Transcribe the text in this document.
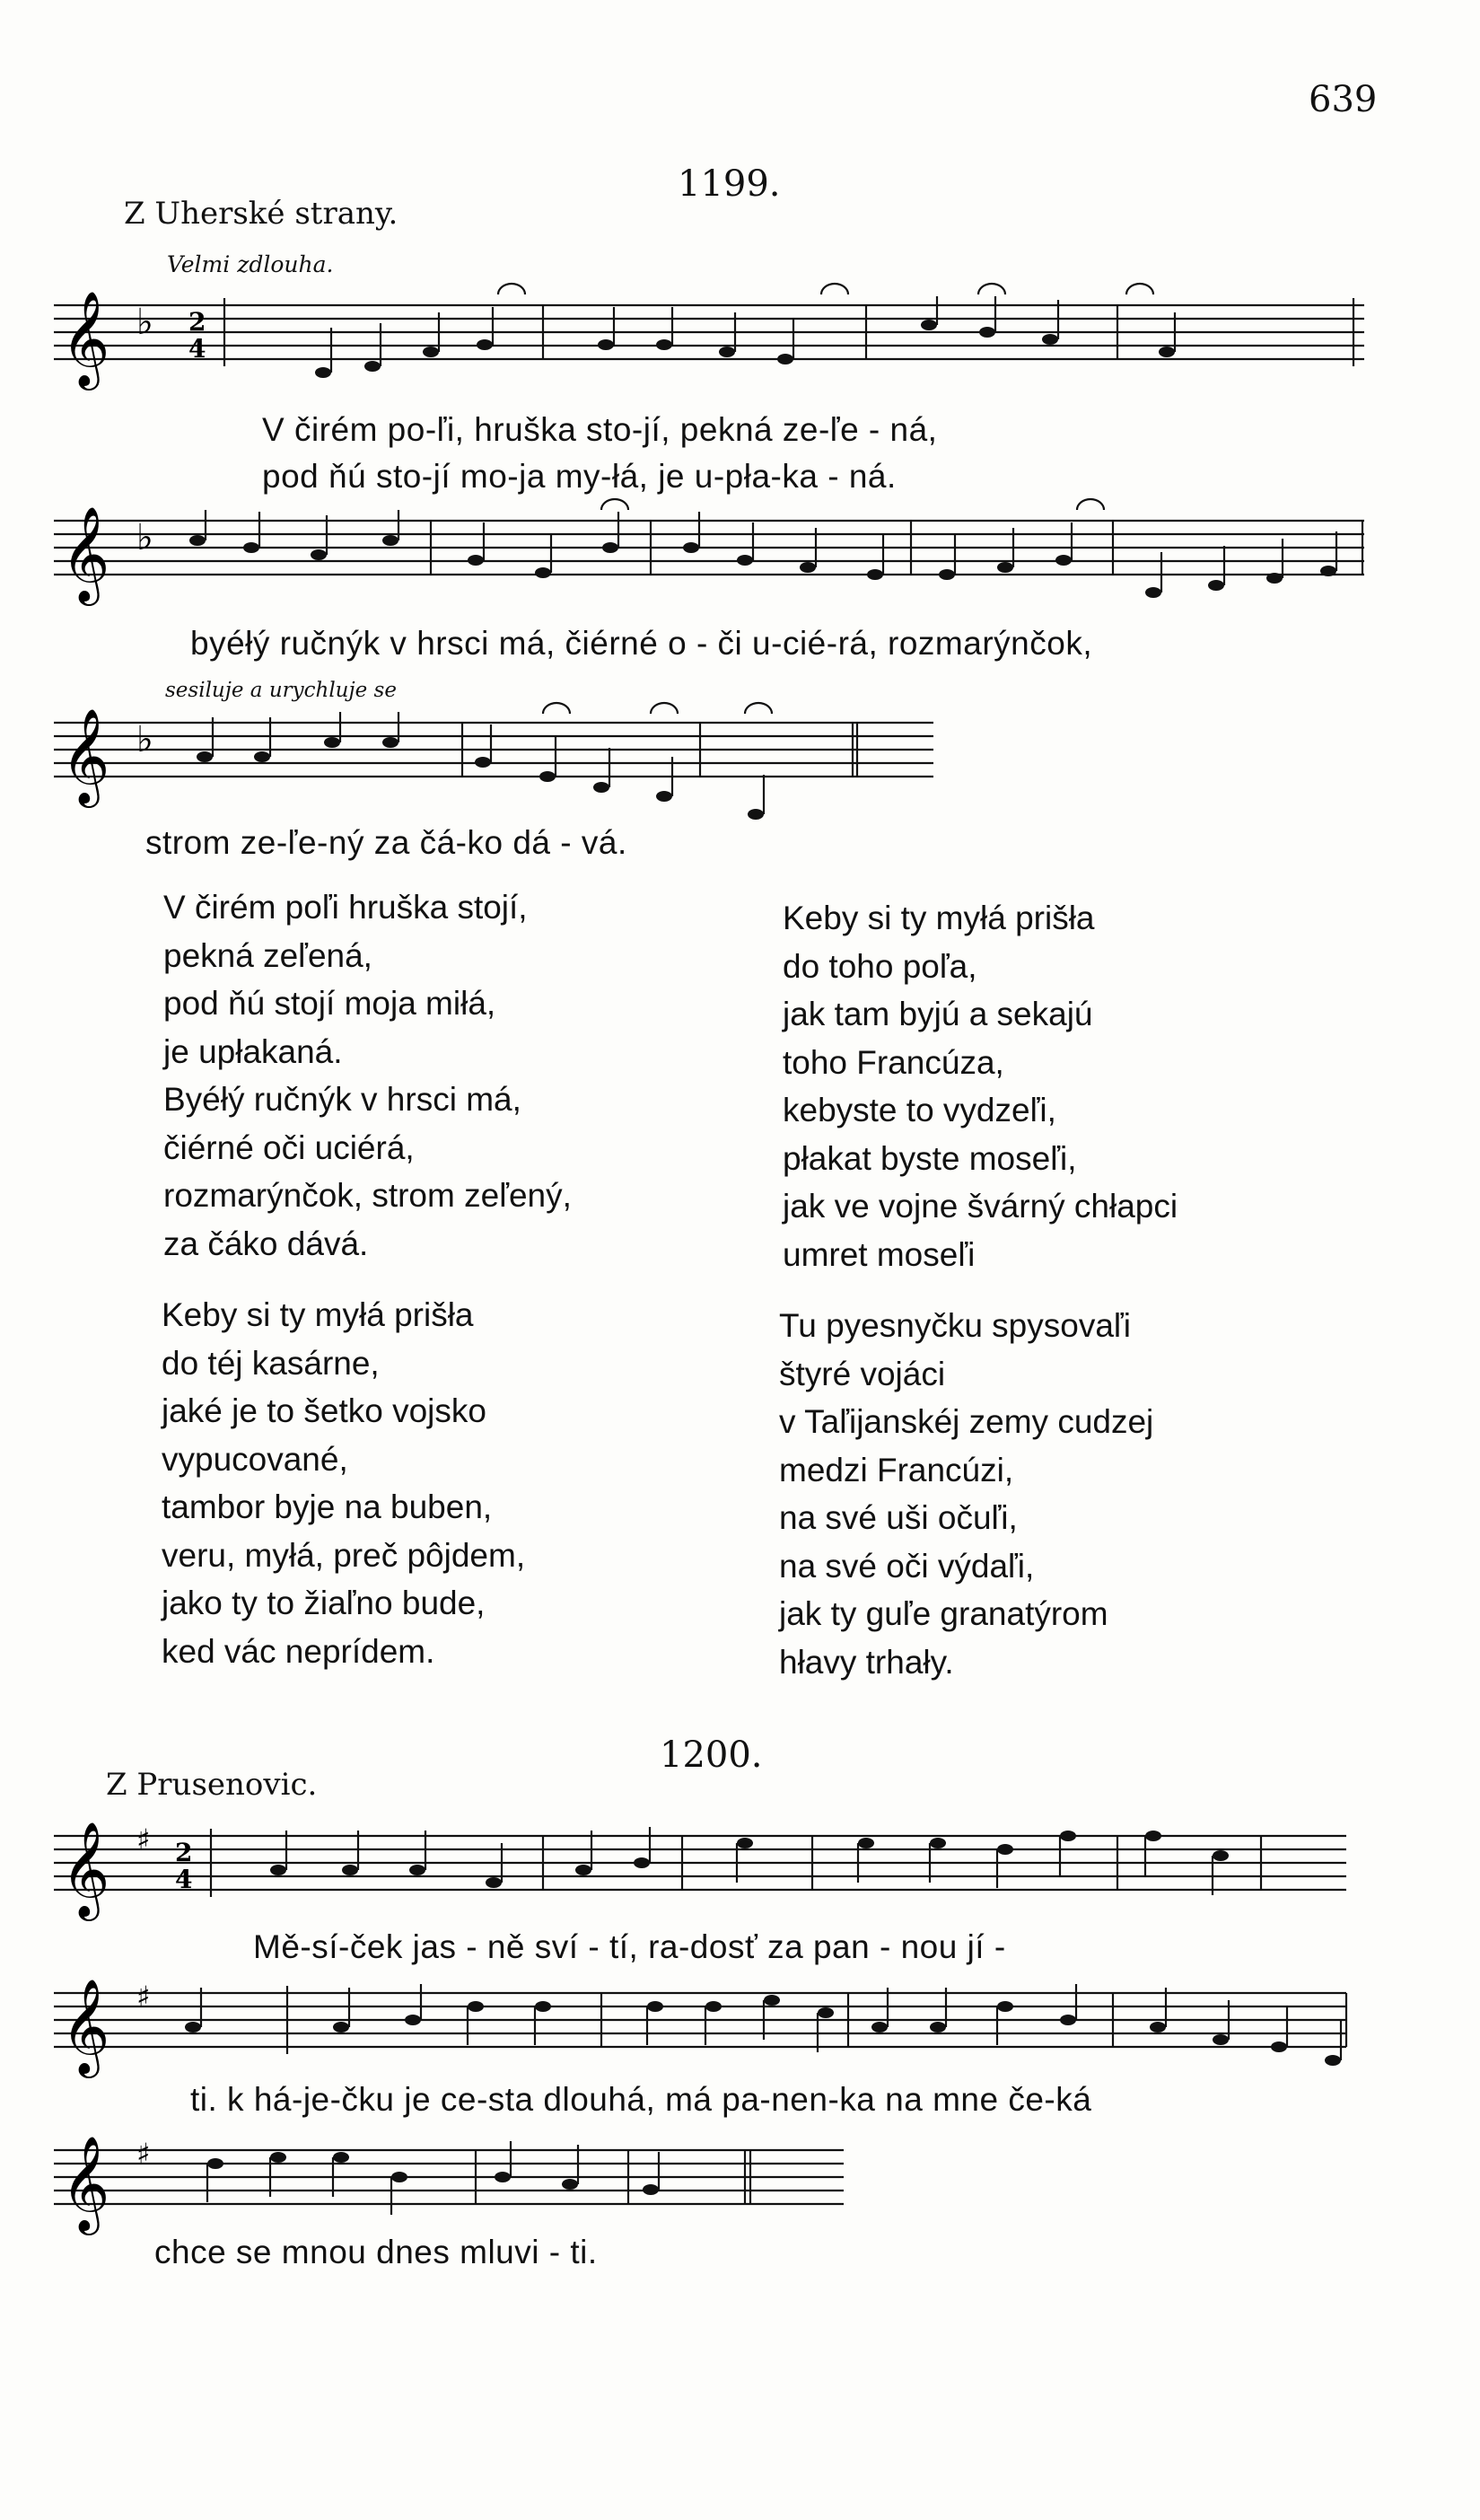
639
1199.
Z Uherské strany.
Velmi zdlouha.
𝄞 ♭ 2
4
V čirém po-ľi, hruška sto-jí, pekná ze-ľe - ná,
pod ňú sto-jí mo-ja my-łá, je u-pła-ka - ná.
𝄞 ♭
byéłý ručnýk v hrsci má, čiérné o - či u-cié-rá, rozmarýnčok,
sesiluje a urychluje se
𝄞 ♭
strom ze-ľe-ný za čá-ko dá - vá.
V čirém poľi hruška stojí,
pekná zeľená,
pod ňú stojí moja miłá,
je upłakaná.
Byéłý ručnýk v hrsci má,
čiérné oči uciérá,
rozmarýnčok, strom zeľený,
za čáko dává.
Keby si ty myłá prišła
do toho poľa,
jak tam byjú a sekajú
toho Francúza,
kebyste to vydzeľi,
płakat byste moseľi,
jak ve vojne švárný chłapci
umret moseľi
Keby si ty myłá prišła
do téj kasárne,
jaké je to šetko vojsko
vypucované,
tambor byje na buben,
veru, myłá, preč pôjdem,
jako ty to žiaľno bude,
ked vác neprídem.
Tu pyesnyčku spysovaľi
štyré vojáci
v Taľijanskéj zemy cudzej
medzi Francúzi,
na své uši očuľi,
na své oči výdaľi,
jak ty guľe granatýrom
hłavy trhały.
1200.
Z Prusenovic.
𝄞 ♯ 2
4
Mě-sí-ček jas - ně sví - tí, ra-dosť za pan - nou jí -
𝄞 ♯
ti. k há-je-čku je ce-sta dlouhá, má pa-nen-ka na mne če-ká
𝄞 ♯
chce se mnou dnes mluvi - ti.
